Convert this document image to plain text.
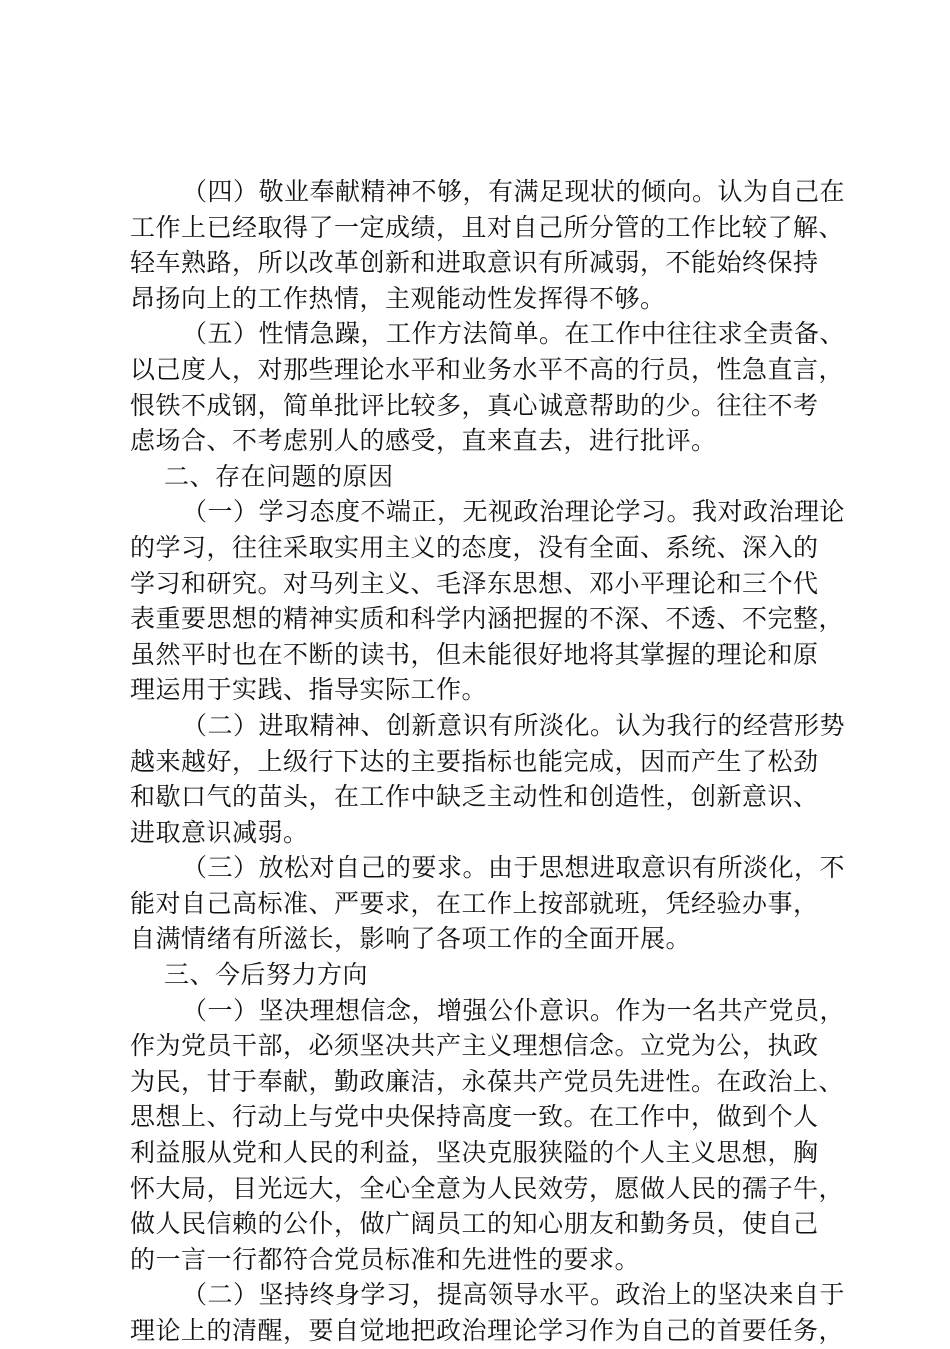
（四）敬业奉献精神不够，有满足现状的倾向。认为自己在
工作上已经取得了一定成绩，且对自己所分管的工作比较了解、
轻车熟路，所以改革创新和进取意识有所减弱，不能始终保持
昂扬向上的工作热情，主观能动性发挥得不够。
（五）性情急躁，工作方法简单。在工作中往往求全责备、
以己度人，对那些理论水平和业务水平不高的行员，性急直言，
恨铁不成钢，简单批评比较多，真心诚意帮助的少。往往不考
虑场合、不考虑别人的感受，直来直去，进行批评。
二、存在问题的原因
（一）学习态度不端正，无视政治理论学习。我对政治理论
的学习，往往采取实用主义的态度，没有全面、系统、深入的
学习和研究。对马列主义、毛泽东思想、邓小平理论和三个代
表重要思想的精神实质和科学内涵把握的不深、不透、不完整，
虽然平时也在不断的读书，但未能很好地将其掌握的理论和原
理运用于实践、指导实际工作。
（二）进取精神、创新意识有所淡化。认为我行的经营形势
越来越好，上级行下达的主要指标也能完成，因而产生了松劲
和歇口气的苗头，在工作中缺乏主动性和创造性，创新意识、
进取意识减弱。
（三）放松对自己的要求。由于思想进取意识有所淡化，不
能对自己高标准、严要求，在工作上按部就班，凭经验办事，
自满情绪有所滋长，影响了各项工作的全面开展。
三、今后努力方向
（一）坚决理想信念，增强公仆意识。作为一名共产党员，
作为党员干部，必须坚决共产主义理想信念。立党为公，执政
为民，甘于奉献，勤政廉洁，永葆共产党员先进性。在政治上、
思想上、行动上与党中央保持高度一致。在工作中，做到个人
利益服从党和人民的利益，坚决克服狭隘的个人主义思想，胸
怀大局，目光远大，全心全意为人民效劳，愿做人民的孺子牛，
做人民信赖的公仆，做广阔员工的知心朋友和勤务员，使自己
的一言一行都符合党员标准和先进性的要求。
（二）坚持终身学习，提高领导水平。政治上的坚决来自于
理论上的清醒，要自觉地把政治理论学习作为自己的首要任务，
